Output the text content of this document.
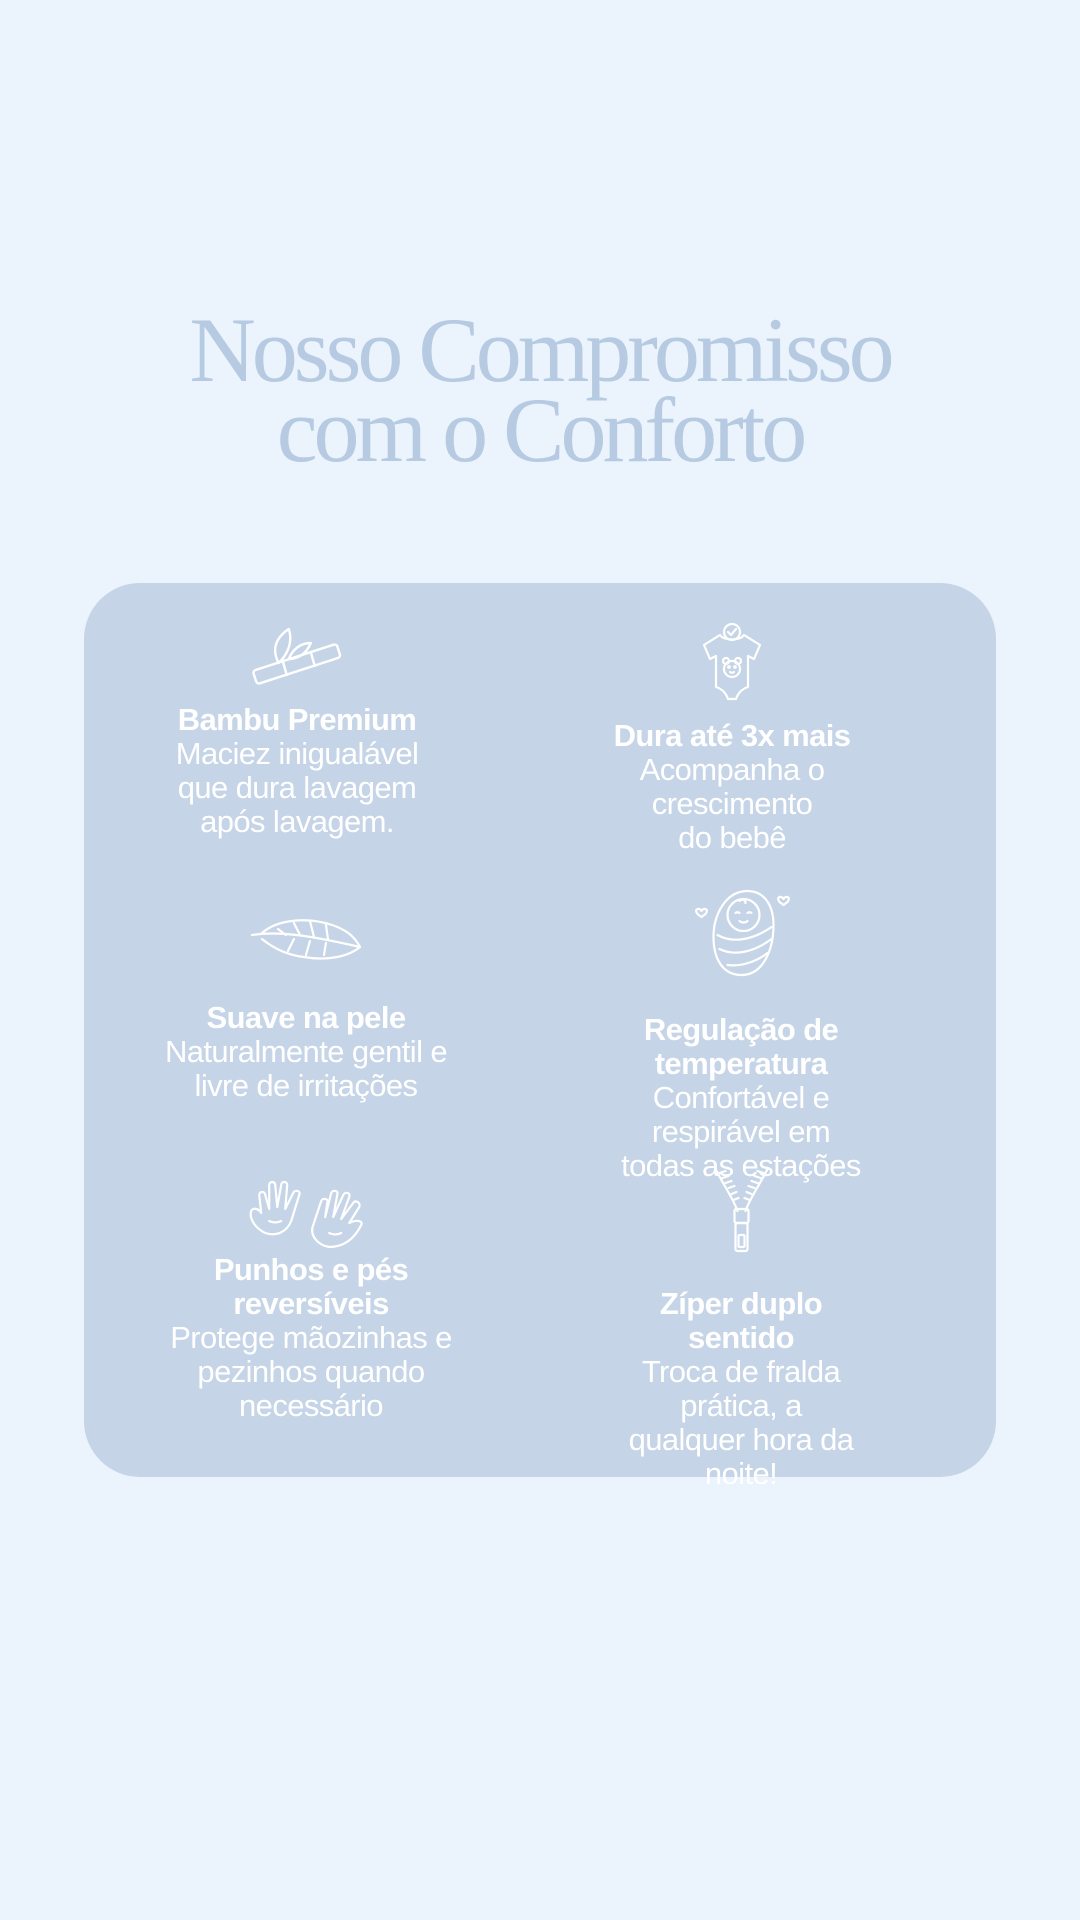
Nosso Compromisso
com o Conforto
Bambu Premium

Maciez inigualável

que dura lavagem

após lavagem.

Dura até 3x mais

Acompanha o crescimento

do bebê

Suave na pele

Naturalmente gentil e

livre de irritações

Regulação de temperatura

Confortável e respirável em

todas as estações

Punhos e pés
reversíveis

Protege mãozinhas e

pezinhos quando

necessário

Zíper duplo sentido

Troca de fralda prática, a

qualquer hora da noite!
